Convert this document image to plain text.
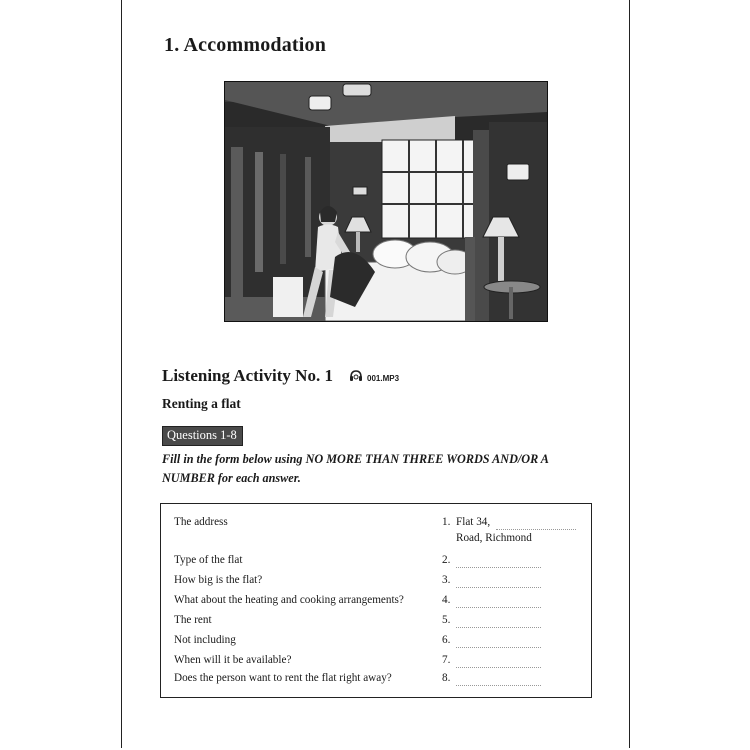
1. Accommodation
Listening Activity No. 1	001.MP3
Renting a flat
Questions 1-8
Fill in the form below using NO MORE THAN THREE WORDS AND/OR A NUMBER for each answer.
The address	1. Flat 34,
Road, Richmond
Type of the flat	2.
How big is the flat?	3.
What about the heating and cooking arrangements?	4.
The rent	5.
Not including	6.
When will it be available?	7.
Does the person want to rent the flat right away?	8.
